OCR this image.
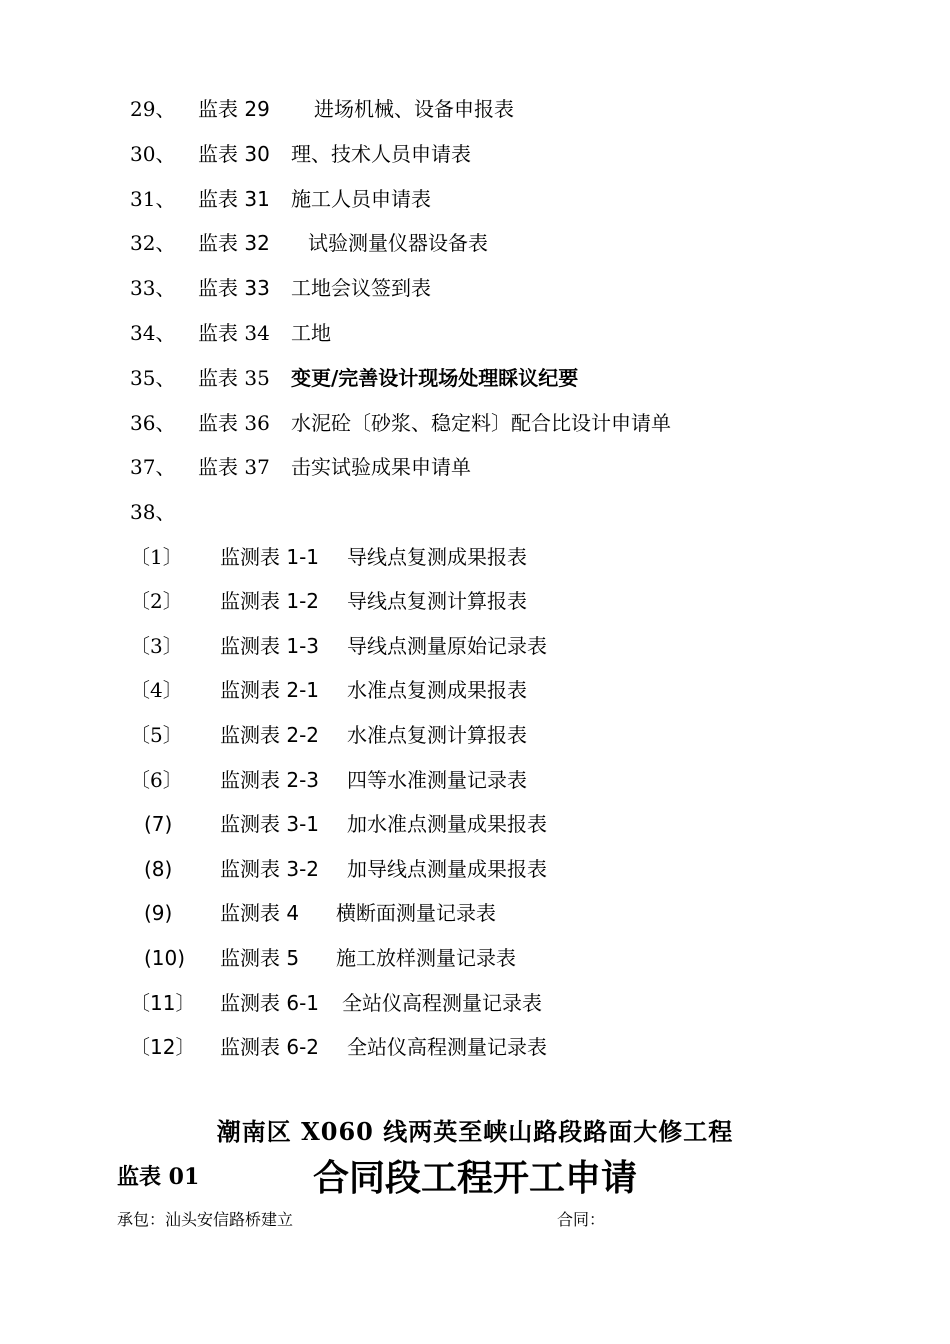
29、 监表 29 进场机械、设备申报表
30、 监表 30 理、技术人员申请表
31、 监表 31 施工人员申请表
32、 监表 32 试验测量仪器设备表
33、 监表 33 工地会议签到表
34、 监表 34 工地
35、 监表 35 变更/完善设计现场处理睬议纪要
36、 监表 36 水泥砼〔砂浆、稳定料〕配合比设计申请单
37、 监表 37 击实试验成果申请单
38、
〔1〕 监测表 1-1 导线点复测成果报表
〔2〕 监测表 1-2 导线点复测计算报表
〔3〕 监测表 1-3 导线点测量原始记录表
〔4〕 监测表 2-1 水准点复测成果报表
〔5〕 监测表 2-2 水准点复测计算报表
〔6〕 监测表 2-3 四等水准测量记录表
(7) 监测表 3-1 加水准点测量成果报表
(8) 监测表 3-2 加导线点测量成果报表
(9) 监测表 4 横断面测量记录表
(10) 监测表 5 施工放样测量记录表
〔11〕 监测表 6-1 全站仪高程测量记录表
〔12〕 监测表 6-2 全站仪高程测量记录表
潮南区 X060 线两英至峡山路段路面大修工程
监表 01	合同段工程开工申请
承包：汕头安信路桥建立	合同：
